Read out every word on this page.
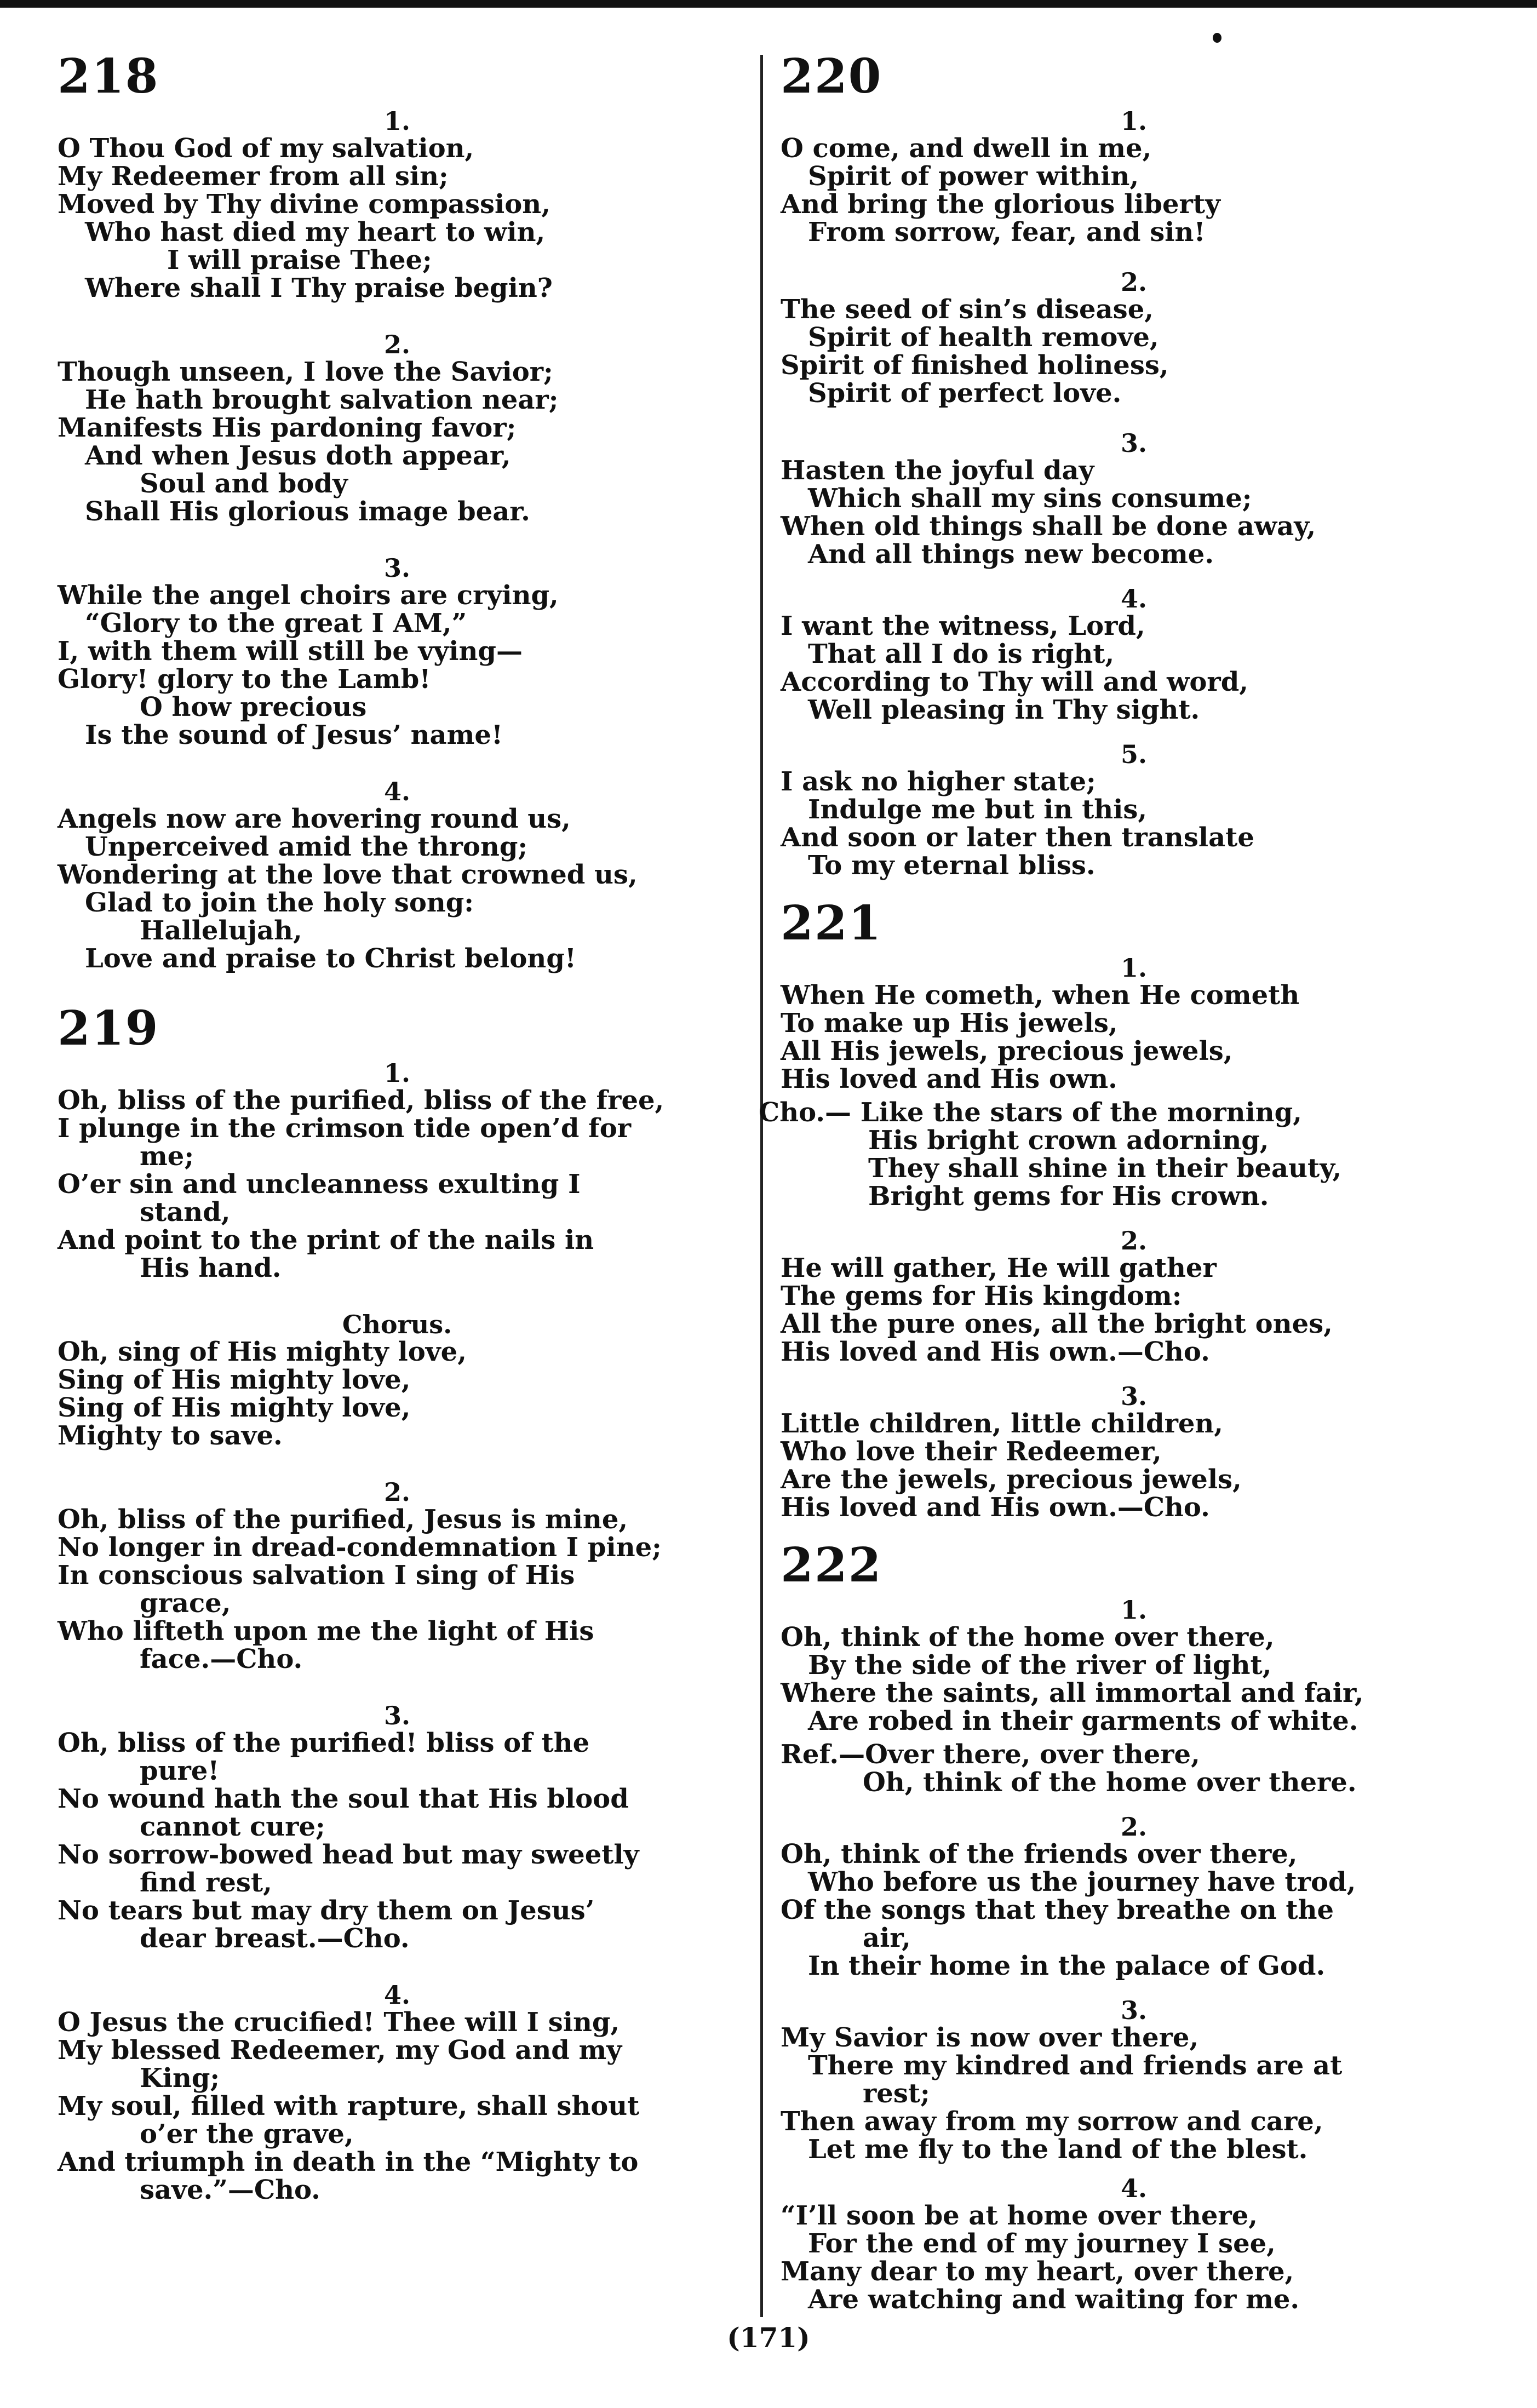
218
1.
O Thou God of my salvation,
My Redeemer from all sin;
Moved by Thy divine compassion,
Who hast died my heart to win,
I will praise Thee;
Where shall I Thy praise begin?
2.
Though unseen, I love the Savior;
He hath brought salvation near;
Manifests His pardoning favor;
And when Jesus doth appear,
Soul and body
Shall His glorious image bear.
3.
While the angel choirs are crying,
“Glory to the great I AM,”
I, with them will still be vying—
Glory! glory to the Lamb!
O how precious
Is the sound of Jesus’ name!
4.
Angels now are hovering round us,
Unperceived amid the throng;
Wondering at the love that crowned us,
Glad to join the holy song:
Hallelujah,
Love and praise to Christ belong!
219
1.
Oh, bliss of the purified, bliss of the free,
I plunge in the crimson tide open’d for
me;
O’er sin and uncleanness exulting I
stand,
And point to the print of the nails in
His hand.
Chorus.
Oh, sing of His mighty love,
Sing of His mighty love,
Sing of His mighty love,
Mighty to save.
2.
Oh, bliss of the purified, Jesus is mine,
No longer in dread-condemnation I pine;
In conscious salvation I sing of His
grace,
Who lifteth upon me the light of His
face.—Cho.
3.
Oh, bliss of the purified! bliss of the
pure!
No wound hath the soul that His blood
cannot cure;
No sorrow-bowed head but may sweetly
find rest,
No tears but may dry them on Jesus’
dear breast.—Cho.
4.
O Jesus the crucified! Thee will I sing,
My blessed Redeemer, my God and my
King;
My soul, filled with rapture, shall shout
o’er the grave,
And triumph in death in the “Mighty to
save.”—Cho.
220
1.
O come, and dwell in me,
Spirit of power within,
And bring the glorious liberty
From sorrow, fear, and sin!
2.
The seed of sin’s disease,
Spirit of health remove,
Spirit of finished holiness,
Spirit of perfect love.
3.
Hasten the joyful day
Which shall my sins consume;
When old things shall be done away,
And all things new become.
4.
I want the witness, Lord,
That all I do is right,
According to Thy will and word,
Well pleasing in Thy sight.
5.
I ask no higher state;
Indulge me but in this,
And soon or later then translate
To my eternal bliss.
221
1.
When He cometh, when He cometh
To make up His jewels,
All His jewels, precious jewels,
His loved and His own.
Cho.— Like the stars of the morning,
His bright crown adorning,
They shall shine in their beauty,
Bright gems for His crown.
2.
He will gather, He will gather
The gems for His kingdom:
All the pure ones, all the bright ones,
His loved and His own.—Cho.
3.
Little children, little children,
Who love their Redeemer,
Are the jewels, precious jewels,
His loved and His own.—Cho.
222
1.
Oh, think of the home over there,
By the side of the river of light,
Where the saints, all immortal and fair,
Are robed in their garments of white.
Ref.—Over there, over there,
Oh, think of the home over there.
2.
Oh, think of the friends over there,
Who before us the journey have trod,
Of the songs that they breathe on the
air,
In their home in the palace of God.
3.
My Savior is now over there,
There my kindred and friends are at
rest;
Then away from my sorrow and care,
Let me fly to the land of the blest.
4.
“I’ll soon be at home over there,
For the end of my journey I see,
Many dear to my heart, over there,
Are watching and waiting for me.
(171)
